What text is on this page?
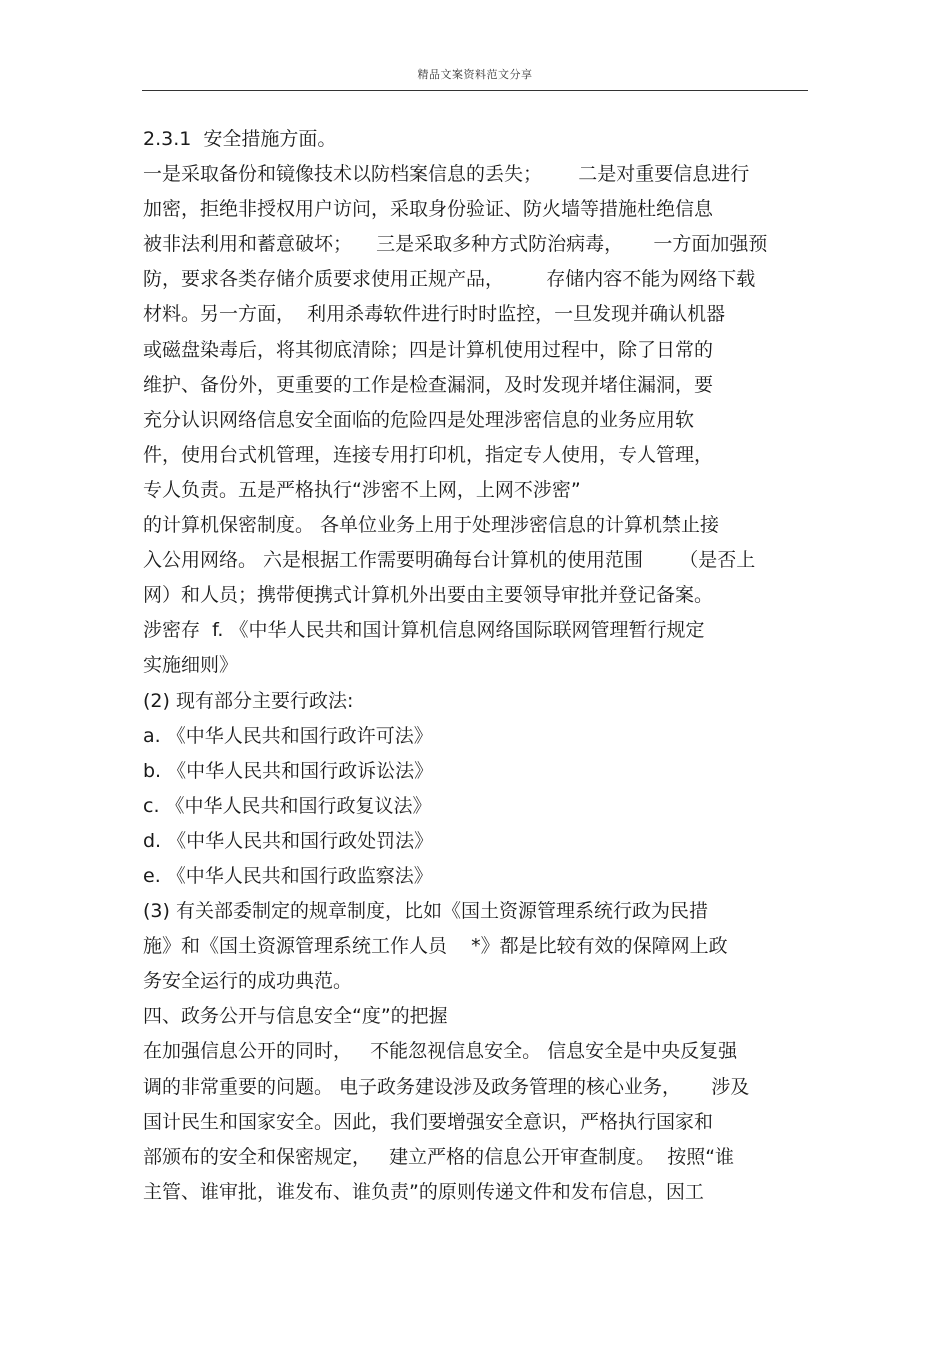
精品文案资料范文分享
2.3.1  安全措施方面。
一是采取备份和镜像技术以防档案信息的丢失；      二是对重要信息进行
加密，拒绝非授权用户访问，采取身份验证、防火墙等措施杜绝信息
被非法利用和蓄意破坏；    三是采取多种方式防治病毒，     一方面加强预
防，要求各类存储介质要求使用正规产品，       存储内容不能为网络下载
材料。另一方面，  利用杀毒软件进行时时监控，一旦发现并确认机器
或磁盘染毒后，将其彻底清除；四是计算机使用过程中，除了日常的
维护、备份外，更重要的工作是检查漏洞，及时发现并堵住漏洞，要
充分认识网络信息安全面临的危险四是处理涉密信息的业务应用软
件，使用台式机管理，连接专用打印机，指定专人使用，专人管理，
专人负责。五是严格执行“涉密不上网，上网不涉密”
的计算机保密制度。 各单位业务上用于处理涉密信息的计算机禁止接
入公用网络。 六是根据工作需要明确每台计算机的使用范围      （是否上
网）和人员；携带便携式计算机外出要由主要领导审批并登记备案。
涉密存  f. 《中华人民共和国计算机信息网络国际联网管理暂行规定
实施细则》
(2) 现有部分主要行政法:
a. 《中华人民共和国行政许可法》
b. 《中华人民共和国行政诉讼法》
c. 《中华人民共和国行政复议法》
d. 《中华人民共和国行政处罚法》
e. 《中华人民共和国行政监察法》
(3) 有关部委制定的规章制度，比如《国土资源管理系统行政为民措
施》和《国土资源管理系统工作人员    *》都是比较有效的保障网上政
务安全运行的成功典范。
四、政务公开与信息安全“度”的把握
在加强信息公开的同时，   不能忽视信息安全。 信息安全是中央反复强
调的非常重要的问题。 电子政务建设涉及政务管理的核心业务，     涉及
国计民生和国家安全。因此，我们要增强安全意识，严格执行国家和
部颁布的安全和保密规定，   建立严格的信息公开审查制度。  按照“谁
主管、谁审批，谁发布、谁负责”的原则传递文件和发布信息，因工
